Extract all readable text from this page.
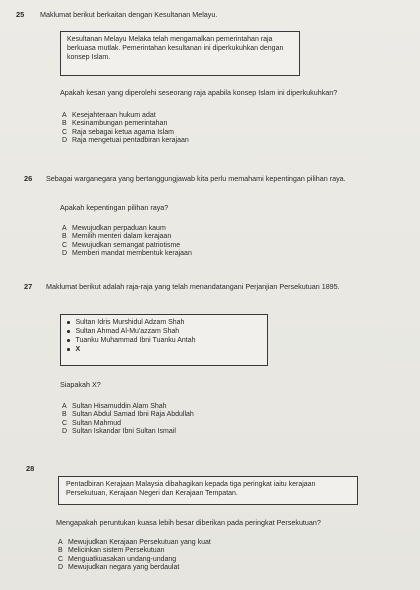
25 Maklumat berikut berkaitan dengan Kesultanan Melayu.
Kesultanan Melayu Melaka telah mengamalkan pemerintahan raja berkuasa mutlak. Pemerintahan kesultanan ini diperkukuhkan dengan konsep Islam.
Apakah kesan yang diperolehi seseorang raja apabila konsep Islam ini diperkukuhkan?
A Kesejahteraan hukum adat
B Kesinambungan pemerintahan
C Raja sebagai ketua agama Islam
D Raja mengetuai pentadbiran kerajaan
26 Sebagai warganegara yang bertanggungjawab kita perlu memahami kepentingan pilihan raya.
Apakah kepentingan pilihan raya?
A Mewujudkan perpaduan kaum
B Memilih menteri dalam kerajaan
C Mewujudkan semangat patriotisme
D Memberi mandat membentuk kerajaan
27 Maklumat berikut adalah raja-raja yang telah menandatangani Perjanjian Persekutuan 1895.
Sultan Idris Murshidul Adzam Shah
Sultan Ahmad Al-Mu'azzam Shah
Tuanku Muhammad Ibni Tuanku Antah
X
Siapakah X?
A Sultan Hisamuddin Alam Shah
B Sultan Abdul Samad Ibni Raja Abdullah
C Sultan Mahmud
D Sultan Iskandar Ibni Sultan Ismail
28
Pentadbiran Kerajaan Malaysia dibahagikan kepada tiga peringkat iaitu kerajaan Persekutuan, Kerajaan Negeri dan Kerajaan Tempatan.
Mengapakah peruntukan kuasa lebih besar diberikan pada peringkat Persekutuan?
A Mewujudkan Kerajaan Persekutuan yang kuat
B Melicinkan sistem Persekutuan
C Menguatkuasakan undang-undang
D Mewujudkan negara yang berdaulat
